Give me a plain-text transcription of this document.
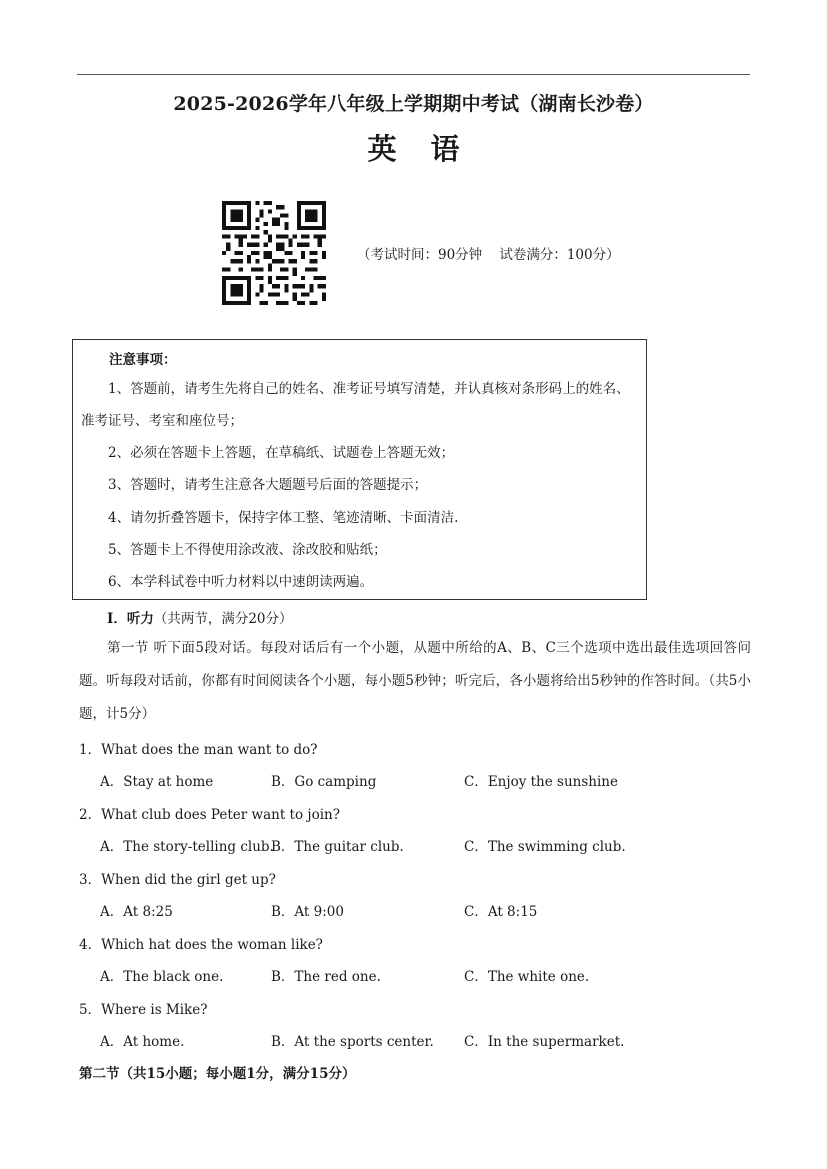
2025-2026学年八年级上学期期中考试（湖南长沙卷）
英 语
（考试时间：90分钟    试卷满分：100分）
注意事项：
1、答题前，请考生先将自己的姓名、准考证号填写清楚，并认真核对条形码上的姓名、准考证号、考室和座位号；
2、必须在答题卡上答题，在草稿纸、试题卷上答题无效；
3、答题时，请考生注意各大题题号后面的答题提示；
4、请勿折叠答题卡，保持字体工整、笔迹清晰、卡面清洁.
5、答题卡上不得使用涂改液、涂改胶和贴纸；
6、本学科试卷中听力材料以中速朗读两遍。
I．听力（共两节，满分20分）
第一节 听下面5段对话。每段对话后有一个小题，从题中所给的A、B、C三个选项中选出最佳选项回答问题。听每段对话前，你都有时间阅读各个小题，每小题5秒钟；听完后，各小题将给出5秒钟的作答时间。（共5小题，计5分）
1．What does the man want to do?
A．Stay at home	B．Go camping	C．Enjoy the sunshine
2．What club does Peter want to join?
A．The story-telling club.
B．The guitar club.	C．The swimming club.
3．When did the girl get up?
A．At 8:25	B．At 9:00	C．At 8:15
4．Which hat does the woman like?
A．The black one.	B．The red one.	C．The white one.
5．Where is Mike?
A．At home.	B．At the sports center. C．In the supermarket.
第二节（共15小题；每小题1分，满分15分）
